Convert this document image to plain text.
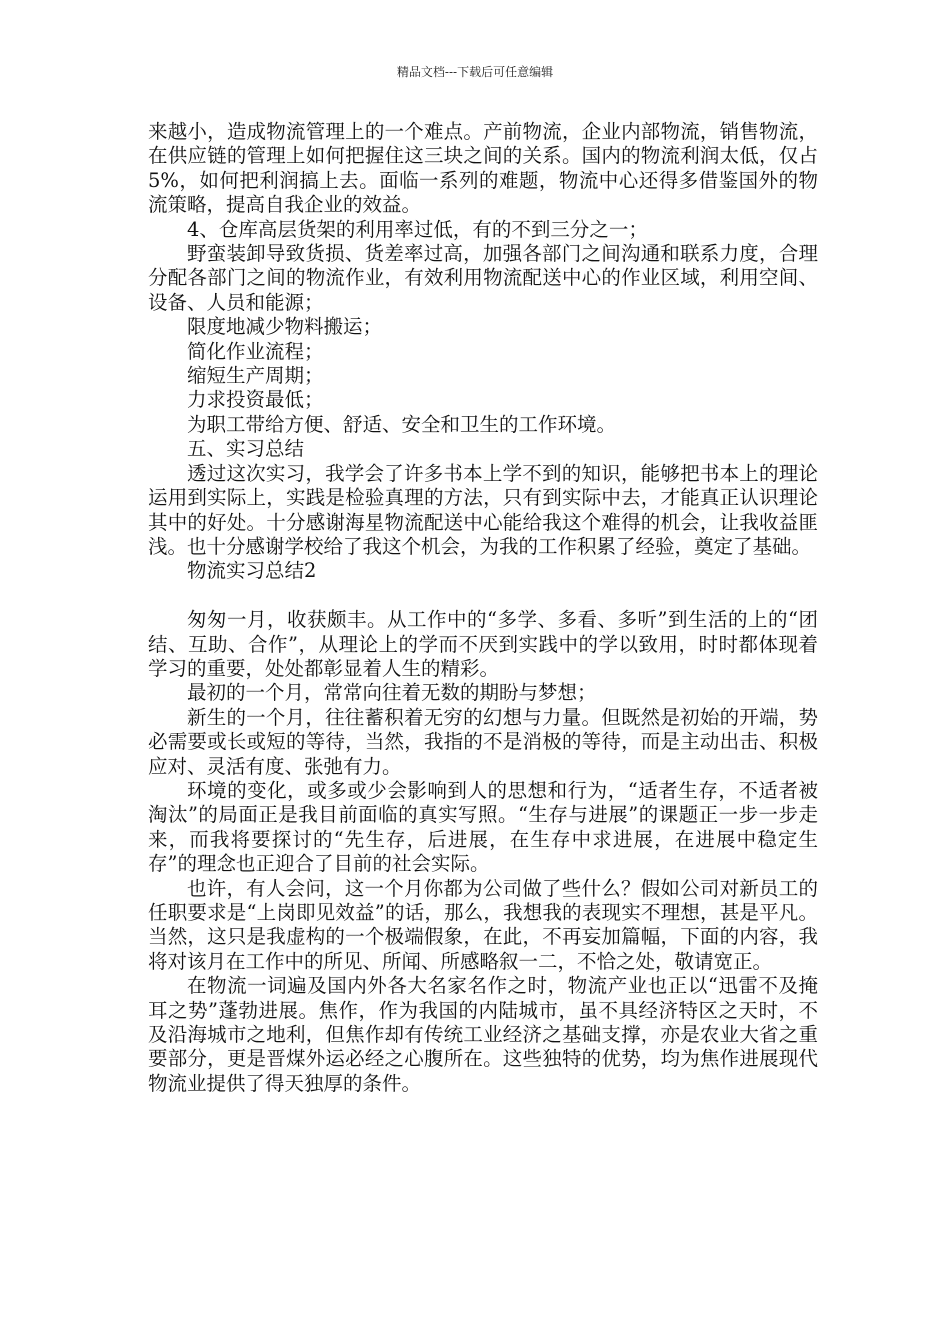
精品文档---下载后可任意编辑

来越小，造成物流管理上的一个难点。产前物流，企业内部物流，销售物流，在供应链的管理上如何把握住这三块之间的关系。国内的物流利润太低，仅占5%，如何把利润搞上去。面临一系列的难题，物流中心还得多借鉴国外的物流策略，提高自我企业的效益。

4、仓库高层货架的利用率过低，有的不到三分之一；

野蛮装卸导致货损、货差率过高，加强各部门之间沟通和联系力度，合理分配各部门之间的物流作业，有效利用物流配送中心的作业区域，利用空间、设备、人员和能源；

限度地减少物料搬运；

简化作业流程；

缩短生产周期；

力求投资最低；

为职工带给方便、舒适、安全和卫生的工作环境。

五、实习总结

透过这次实习，我学会了许多书本上学不到的知识，能够把书本上的理论运用到实际上，实践是检验真理的方法，只有到实际中去，才能真正认识理论其中的好处。十分感谢海星物流配送中心能给我这个难得的机会，让我收益匪浅。也十分感谢学校给了我这个机会，为我的工作积累了经验，奠定了基础。

物流实习总结2

匆匆一月，收获颇丰。从工作中的“多学、多看、多听”到生活的上的“团结、互助、合作”，从理论上的学而不厌到实践中的学以致用，时时都体现着学习的重要，处处都彰显着人生的精彩。

最初的一个月，常常向往着无数的期盼与梦想；

新生的一个月，往往蓄积着无穷的幻想与力量。但既然是初始的开端，势必需要或长或短的等待，当然，我指的不是消极的等待，而是主动出击、积极应对、灵活有度、张弛有力。

环境的变化，或多或少会影响到人的思想和行为，“适者生存，不适者被淘汰”的局面正是我目前面临的真实写照。“生存与进展”的课题正一步一步走来，而我将要探讨的“先生存，后进展，在生存中求进展，在进展中稳定生存”的理念也正迎合了目前的社会实际。

也许，有人会问，这一个月你都为公司做了些什么？假如公司对新员工的任职要求是“上岗即见效益”的话，那么，我想我的表现实不理想，甚是平凡。当然，这只是我虚构的一个极端假象，在此，不再妄加篇幅，下面的内容，我将对该月在工作中的所见、所闻、所感略叙一二，不恰之处，敬请宽正。

在物流一词遍及国内外各大名家名作之时，物流产业也正以“迅雷不及掩耳之势”蓬勃进展。焦作，作为我国的内陆城市，虽不具经济特区之天时，不及沿海城市之地利，但焦作却有传统工业经济之基础支撑，亦是农业大省之重要部分，更是晋煤外运必经之心腹所在。这些独特的优势，均为焦作进展现代物流业提供了得天独厚的条件。
